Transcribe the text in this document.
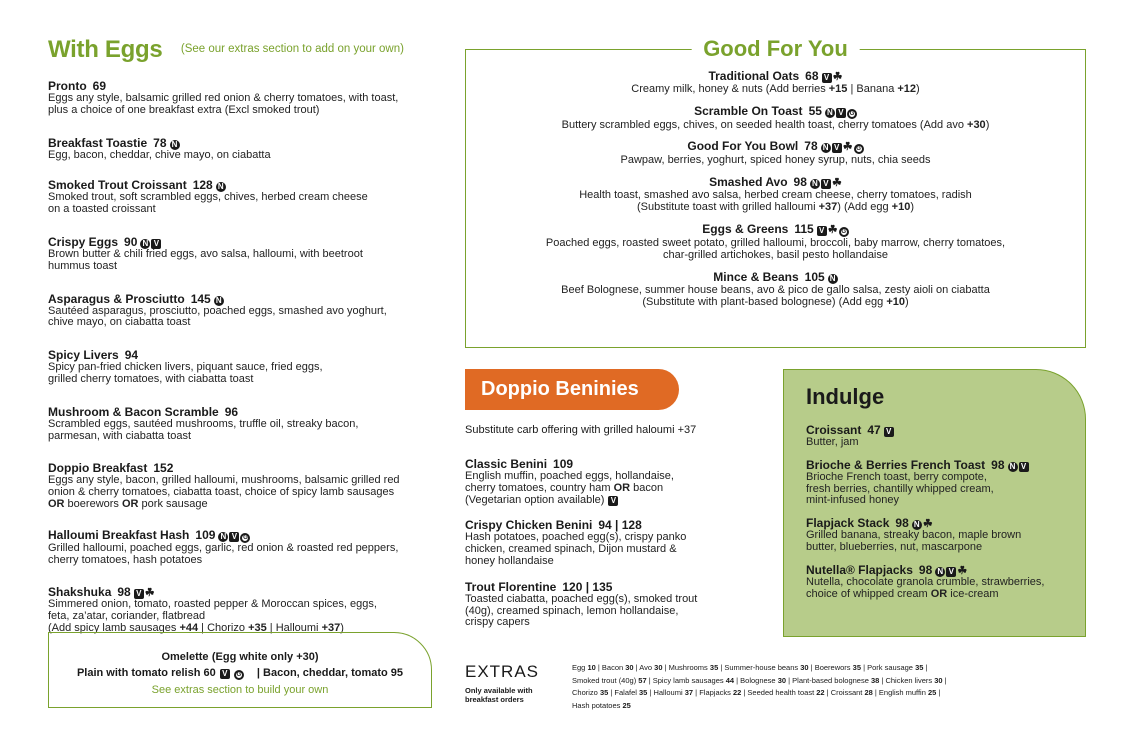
With Eggs (See our extras section to add on your own)
Pronto 69
Eggs any style, balsamic grilled red onion & cherry tomatoes, with toast,
plus a choice of one breakfast extra (Excl smoked trout)
Breakfast Toastie 78 N
Egg, bacon, cheddar, chive mayo, on ciabatta
Smoked Trout Croissant 128 N
Smoked trout, soft scrambled eggs, chives, herbed cream cheese
on a toasted croissant
Crispy Eggs 90 N V
Brown butter & chili fried eggs, avo salsa, halloumi, with beetroot
hummus toast
Asparagus & Prosciutto 145 N
Sautéed asparagus, prosciutto, poached eggs, smashed avo yoghurt,
chive mayo, on ciabatta toast
Spicy Livers 94
Spicy pan-fried chicken livers, piquant sauce, fried eggs,
grilled cherry tomatoes, with ciabatta toast
Mushroom & Bacon Scramble 96
Scrambled eggs, sautéed mushrooms, truffle oil, streaky bacon,
parmesan, with ciabatta toast
Doppio Breakfast 152
Eggs any style, bacon, grilled halloumi, mushrooms, balsamic grilled red
onion & cherry tomatoes, ciabatta toast, choice of spicy lamb sausages
OR boerewors OR pork sausage
Halloumi Breakfast Hash 109 N V G
Grilled halloumi, poached eggs, garlic, red onion & roasted red peppers,
cherry tomatoes, hash potatoes
Shakshuka 98 V ☘
Simmered onion, tomato, roasted pepper & Moroccan spices, eggs,
feta, za’atar, coriander, flatbread
(Add spicy lamb sausages +44 | Chorizo +35 | Halloumi +37)
Omelette (Egg white only +30)
Plain with tomato relish 60 V G | Bacon, cheddar, tomato 95
See extras section to build your own
Good For You
Traditional Oats 68 V ☘
Creamy milk, honey & nuts (Add berries +15 | Banana +12)
Scramble On Toast 55 N V G
Buttery scrambled eggs, chives, on seeded health toast, cherry tomatoes (Add avo +30)
Good For You Bowl 78 N V ☘ G
Pawpaw, berries, yoghurt, spiced honey syrup, nuts, chia seeds
Smashed Avo 98 N V ☘
Health toast, smashed avo salsa, herbed cream cheese, cherry tomatoes, radish
(Substitute toast with grilled halloumi +37) (Add egg +10)
Eggs & Greens 115 V ☘ G
Poached eggs, roasted sweet potato, grilled halloumi, broccoli, baby marrow, cherry tomatoes,
char-grilled artichokes, basil pesto hollandaise
Mince & Beans 105 N
Beef Bolognese, summer house beans, avo & pico de gallo salsa, zesty aioli on ciabatta
(Substitute with plant-based bolognese) (Add egg +10)
Doppio Beninies
Substitute carb offering with grilled haloumi +37
Classic Benini 109
English muffin, poached eggs, hollandaise,
cherry tomatoes, country ham OR bacon
(Vegetarian option available) V
Crispy Chicken Benini 94 | 128
Hash potatoes, poached egg(s), crispy panko
chicken, creamed spinach, Dijon mustard &
honey hollandaise
Trout Florentine 120 | 135
Toasted ciabatta, poached egg(s), smoked trout
(40g), creamed spinach, lemon hollandaise,
crispy capers
Indulge
Croissant 47 V
Butter, jam
Brioche & Berries French Toast 98 N V
Brioche French toast, berry compote,
fresh berries, chantilly whipped cream,
mint-infused honey
Flapjack Stack 98 N ☘
Grilled banana, streaky bacon, maple brown
butter, blueberries, nut, mascarpone
Nutella® Flapjacks 98 N V ☘
Nutella, chocolate granola crumble, strawberries,
choice of whipped cream OR ice-cream
EXTRAS
Only available with
breakfast orders
Egg 10 | Bacon 30 | Avo 30 | Mushrooms 35 | Summer-house beans 30 | Boerewors 35 | Pork sausage 35 |
Smoked trout (40g) 57 | Spicy lamb sausages 44 | Bolognese 30 | Plant-based bolognese 38 | Chicken livers 30 |
Chorizo 35 | Falafel 35 | Halloumi 37 | Flapjacks 22 | Seeded health toast 22 | Croissant 28 | English muffin 25 |
Hash potatoes 25
